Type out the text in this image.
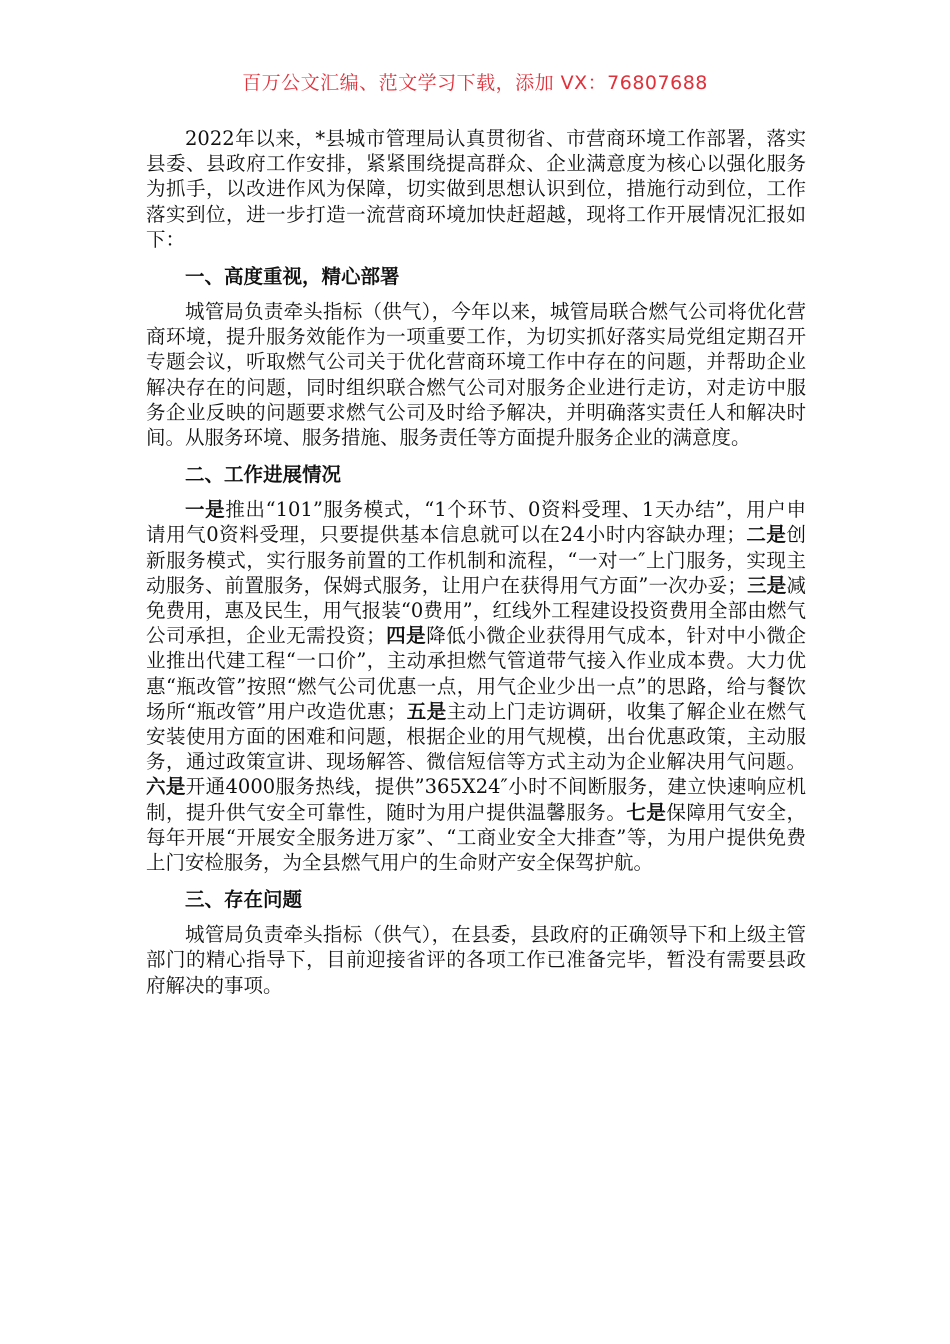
百万公文汇编、范文学习下载，添加 VX：76807688

2022年以来，*县城市管理局认真贯彻省、市营商环境工作部署，落实县委、县政府工作安排，紧紧围绕提高群众、企业满意度为核心以强化服务为抓手，以改进作风为保障，切实做到思想认识到位，措施行动到位，工作落实到位，进一步打造一流营商环境加快赶超越，现将工作开展情况汇报如下：

一、高度重视，精心部署

城管局负责牵头指标（供气），今年以来，城管局联合燃气公司将优化营商环境，提升服务效能作为一项重要工作，为切实抓好落实局党组定期召开专题会议，听取燃气公司关于优化营商环境工作中存在的问题，并帮助企业解决存在的问题，同时组织联合燃气公司对服务企业进行走访，对走访中服务企业反映的问题要求燃气公司及时给予解决，并明确落实责任人和解决时间。从服务环境、服务措施、服务责任等方面提升服务企业的满意度。

二、工作进展情况

一是推出“101”服务模式，“1个环节、0资料受理、1天办结”，用户申请用气0资料受理，只要提供基本信息就可以在24小时内容缺办理；二是创新服务模式，实行服务前置的工作机制和流程，“一对一″上门服务，实现主动服务、前置服务，保姆式服务，让用户在获得用气方面”一次办妥；三是减免费用，惠及民生，用气报装“0费用”，红线外工程建设投资费用全部由燃气公司承担，企业无需投资；四是降低小微企业获得用气成本，针对中小微企业推出代建工程“一口价”，主动承担燃气管道带气接入作业成本费。大力优惠“瓶改管”按照“燃气公司优惠一点，用气企业少出一点”的思路，给与餐饮场所“瓶改管”用户改造优惠；五是主动上门走访调研，收集了解企业在燃气安装使用方面的困难和问题，根据企业的用气规模，出台优惠政策，主动服务，通过政策宣讲、现场解答、微信短信等方式主动为企业解决用气问题。六是开通4000服务热线，提供”365X24″小时不间断服务，建立快速响应机制，提升供气安全可靠性，随时为用户提供温馨服务。七是保障用气安全，每年开展“开展安全服务进万家”、“工商业安全大排查”等，为用户提供免费上门安检服务，为全县燃气用户的生命财产安全保驾护航。

三、存在问题

城管局负责牵头指标（供气），在县委，县政府的正确领导下和上级主管部门的精心指导下，目前迎接省评的各项工作已准备完毕，暂没有需要县政府解决的事项。
